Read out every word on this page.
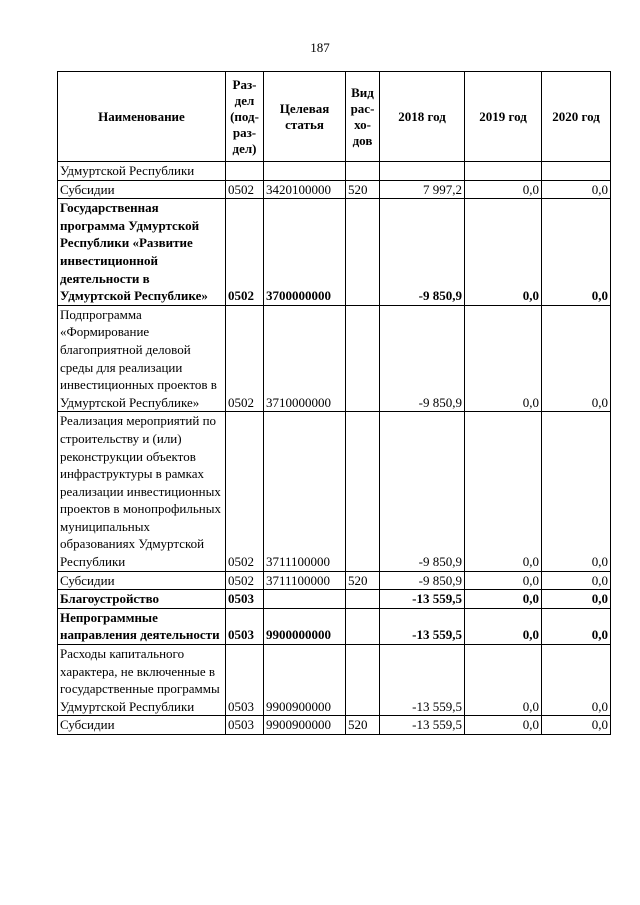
187
Наименование	Раз- дел (под- раз- дел)	Целевая статья	Вид рас- хо- дов	2018 год	2019 год	2020 год
Удмуртской Республики						
Субсидии	0502	3420100000	520	7 997,2	0,0	0,0
Государственная программа Удмуртской Республики «Развитие инвестиционной деятельности в Удмуртской Республике»	0502	3700000000		-9 850,9	0,0	0,0
Подпрограмма «Формирование благоприятной деловой среды для реализации инвестиционных проектов в Удмуртской Республике»	0502	3710000000		-9 850,9	0,0	0,0
Реализация мероприятий по строительству и (или) реконструкции объектов инфраструктуры в рамках реализации инвестиционных проектов в монопрофильных муниципальных образованиях Удмуртской Республики	0502	3711100000		-9 850,9	0,0	0,0
Субсидии	0502	3711100000	520	-9 850,9	0,0	0,0
Благоустройство	0503			-13 559,5	0,0	0,0
Непрограммные направления деятельности	0503	9900000000		-13 559,5	0,0	0,0
Расходы капитального характера, не включенные в государственные программы Удмуртской Республики	0503	9900900000		-13 559,5	0,0	0,0
Субсидии	0503	9900900000	520	-13 559,5	0,0	0,0
